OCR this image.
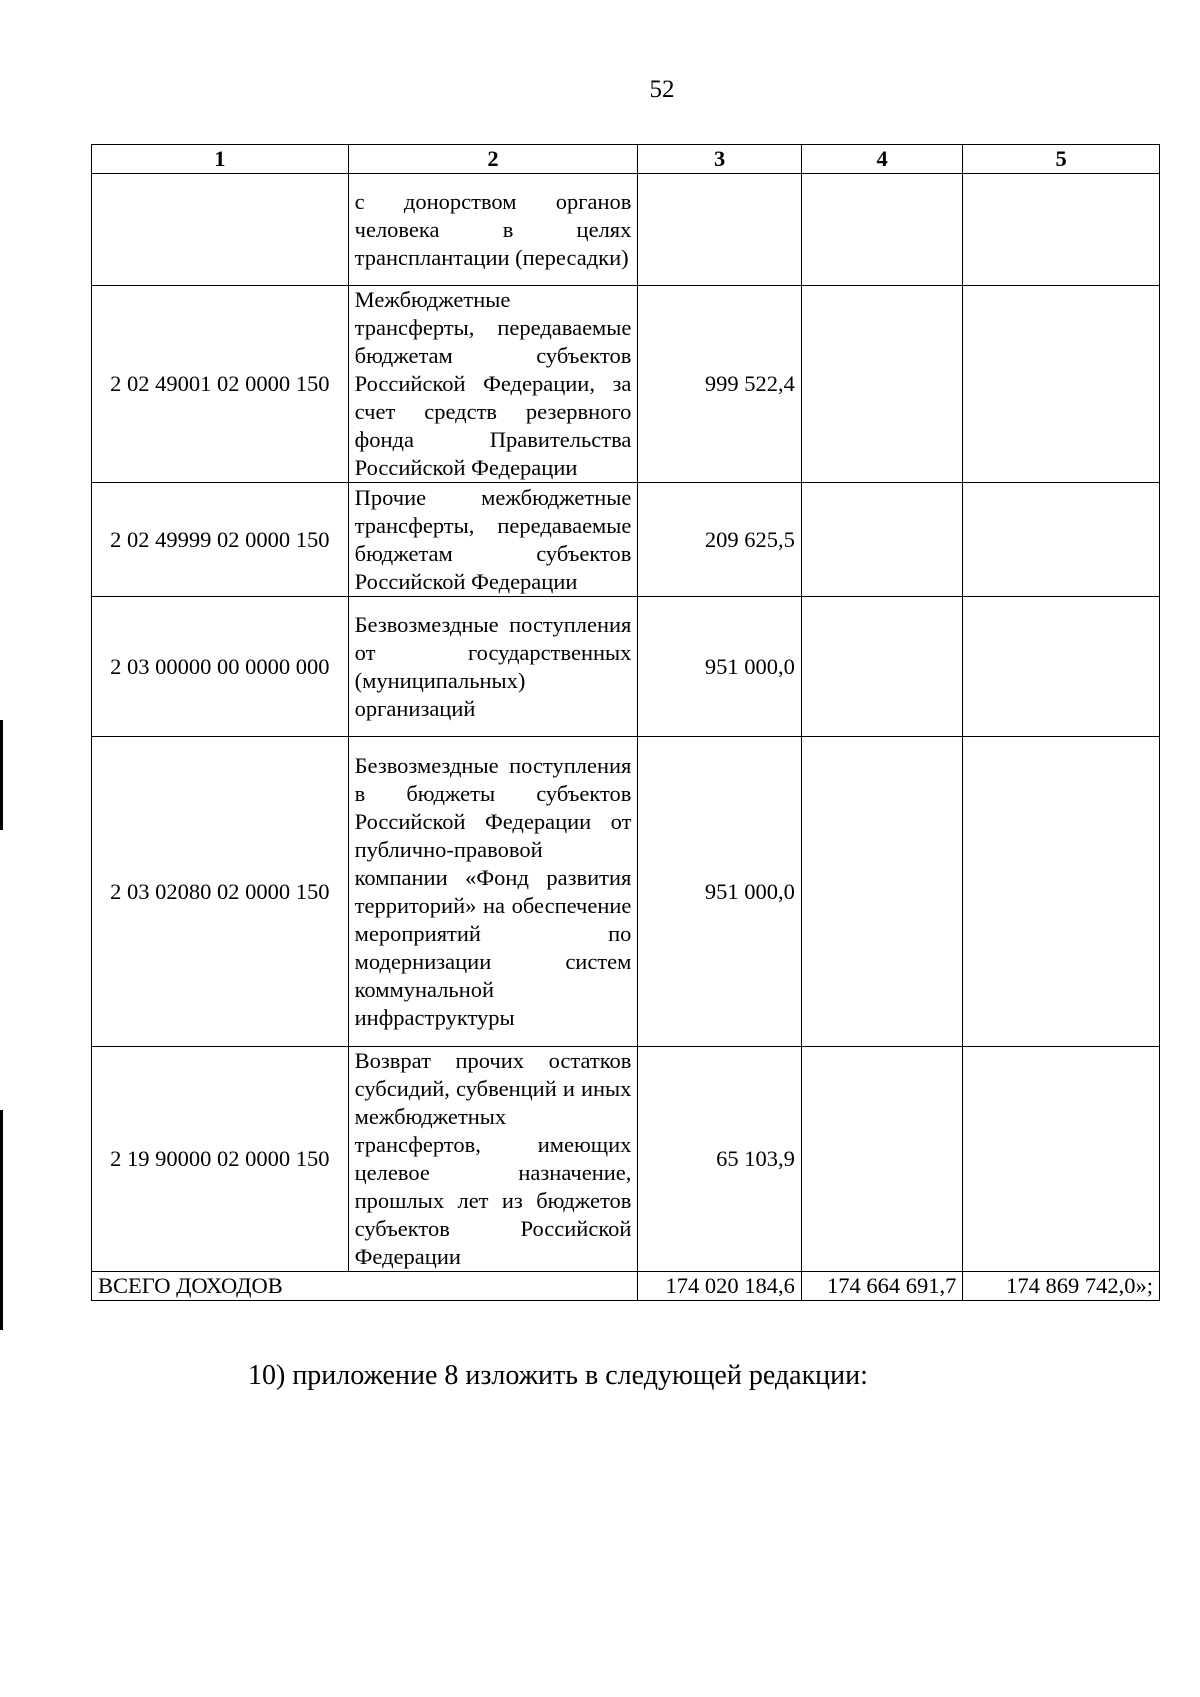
52
1	2	3	4	5
	с донорством органов человека в целях трансплантации (пересадки)			
2 02 49001 02 0000 150	Межбюджетные трансферты, передаваемые бюджетам субъектов Российской Федерации, за счет средств резервного фонда Правительства Российской Федерации	999 522,4		
2 02 49999 02 0000 150	Прочие межбюджетные трансферты, передаваемые бюджетам субъектов Российской Федерации	209 625,5		
2 03 00000 00 0000 000	Безвозмездные поступления от государственных (муниципальных) организаций	951 000,0		
2 03 02080 02 0000 150	Безвозмездные поступления в бюджеты субъектов Российской Федерации от публично-правовой компании «Фонд развития территорий» на обеспечение мероприятий по модернизации систем коммунальной инфраструктуры	951 000,0		
2 19 90000 02 0000 150	Возврат прочих остатков субсидий, субвенций и иных межбюджетных трансфертов, имеющих целевое назначение, прошлых лет из бюджетов субъектов Российской Федерации	65 103,9		
ВСЕГО ДОХОДОВ		174 020 184,6	174 664 691,7	174 869 742,0»;
10) приложение 8 изложить в следующей редакции:
